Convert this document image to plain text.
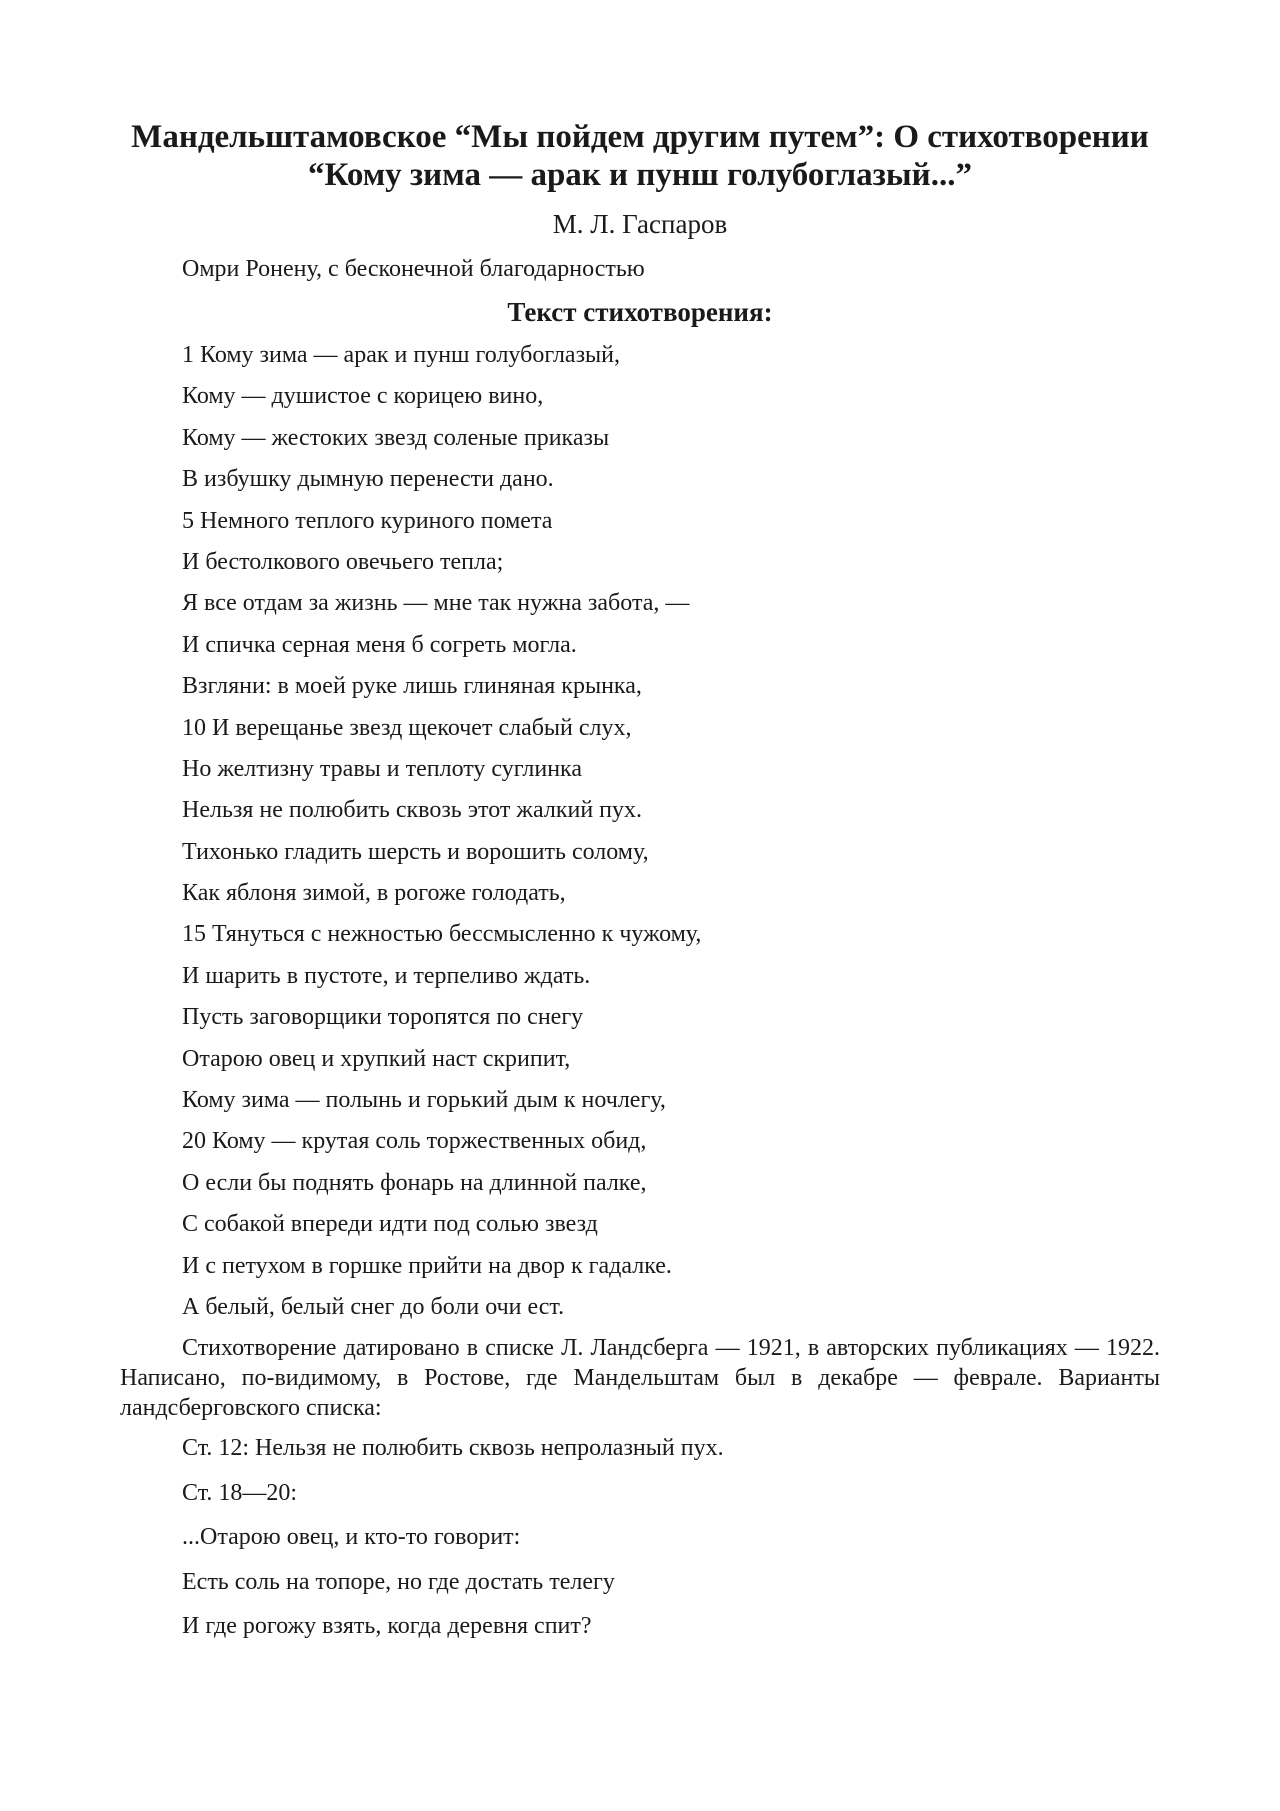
Мандельштамовское “Мы пойдем другим путем”: О стихотворении “Кому зима — арак и пунш голубоглазый...”
М. Л. Гаспаров
Омри Ронену, с бесконечной благодарностью
Текст стихотворения:
1 Кому зима — арак и пунш голубоглазый,
Кому — душистое с корицею вино,
Кому — жестоких звезд соленые приказы
В избушку дымную перенести дано.
5 Немного теплого куриного помета
И бестолкового овечьего тепла;
Я все отдам за жизнь — мне так нужна забота, —
И спичка серная меня б согреть могла.
Взгляни: в моей руке лишь глиняная крынка,
10 И верещанье звезд щекочет слабый слух,
Но желтизну травы и теплоту суглинка
Нельзя не полюбить сквозь этот жалкий пух.
Тихонько гладить шерсть и ворошить солому,
Как яблоня зимой, в рогоже голодать,
15 Тянуться с нежностью бессмысленно к чужому,
И шарить в пустоте, и терпеливо ждать.
Пусть заговорщики торопятся по снегу
Отарою овец и хрупкий наст скрипит,
Кому зима — полынь и горький дым к ночлегу,
20 Кому — крутая соль торжественных обид,
О если бы поднять фонарь на длинной палке,
С собакой впереди идти под солью звезд
И с петухом в горшке прийти на двор к гадалке.
А белый, белый снег до боли очи ест.
Стихотворение датировано в списке Л. Ландсберга — 1921, в авторских публикациях — 1922. Написано, по-видимому, в Ростове, где Мандельштам был в декабре — феврале. Варианты ландсберговского списка:
Ст. 12: Нельзя не полюбить сквозь непролазный пух.
Ст. 18—20:
...Отарою овец, и кто-то говорит:
Есть соль на топоре, но где достать телегу
И где рогожу взять, когда деревня спит?
